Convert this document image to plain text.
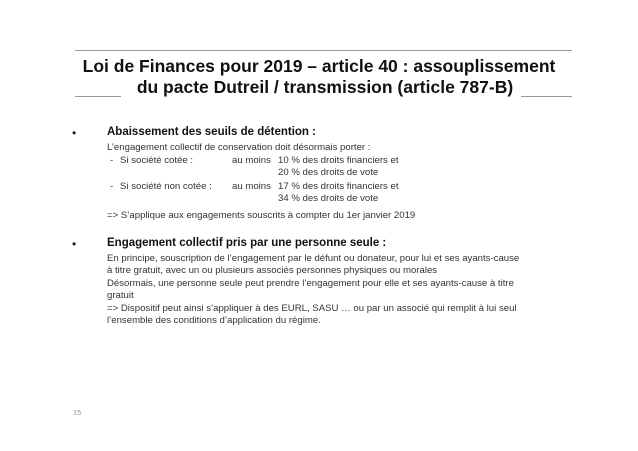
Loi de Finances pour 2019 – article 40 : assouplissement
du pacte Dutreil / transmission (article 787-B)
•	Abaissement des seuils de détention :
L’engagement collectif de conservation doit désormais porter :
- Si société cotée :	au moins 10 % des droits financiers et
20 % des droits de vote
- Si société non cotée : au moins 17 % des droits financiers et
34 % des droits de vote
=> S’applique aux engagements souscrits à compter du 1er janvier 2019
•	Engagement collectif pris par une personne seule :
En principe, souscription de l’engagement par le défunt ou donateur, pour lui et ses ayants-cause
à titre gratuit, avec un ou plusieurs associés personnes physiques ou morales
Désormais, une personne seule peut prendre l’engagement pour elle et ses ayants-cause à titre
gratuit
=> Dispositif peut ainsi s’appliquer à des EURL, SASU … ou par un associé qui remplit à lui seul
l’ensemble des conditions d’application du régime.
15
